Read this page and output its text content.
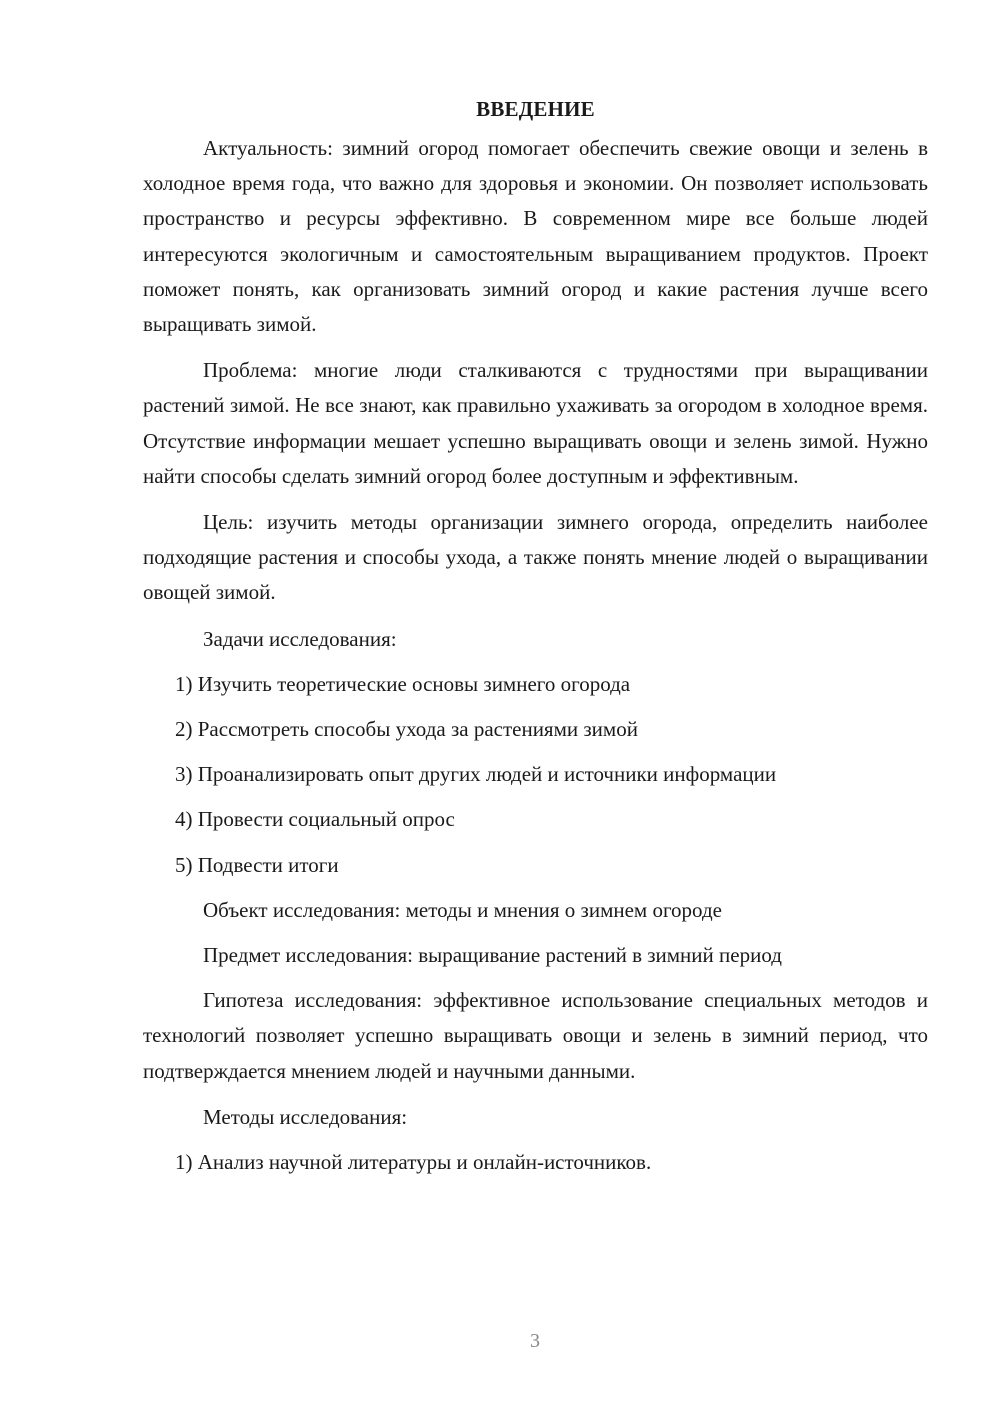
ВВЕДЕНИЕ

Актуальность: зимний огород помогает обеспечить свежие овощи и зелень в холодное время года, что важно для здоровья и экономии. Он позволяет использовать пространство и ресурсы эффективно. В современном мире все больше людей интересуются экологичным и самостоятельным выращиванием продуктов. Проект поможет понять, как организовать зимний огород и какие растения лучше всего выращивать зимой.

Проблема: многие люди сталкиваются с трудностями при выращивании растений зимой. Не все знают, как правильно ухаживать за огородом в холодное время. Отсутствие информации мешает успешно выращивать овощи и зелень зимой. Нужно найти способы сделать зимний огород более доступным и эффективным.

Цель: изучить методы организации зимнего огорода, определить наиболее подходящие растения и способы ухода, а также понять мнение людей о выращивании овощей зимой.

Задачи исследования:
1) Изучить теоретические основы зимнего огорода
2) Рассмотреть способы ухода за растениями зимой
3) Проанализировать опыт других людей и источники информации
4) Провести социальный опрос
5) Подвести итоги
Объект исследования: методы и мнения о зимнем огороде
Предмет исследования: выращивание растений в зимний период

Гипотеза исследования: эффективное использование специальных методов и технологий позволяет успешно выращивать овощи и зелень в зимний период, что подтверждается мнением людей и научными данными.

Методы исследования:
1) Анализ научной литературы и онлайн-источников.
3
